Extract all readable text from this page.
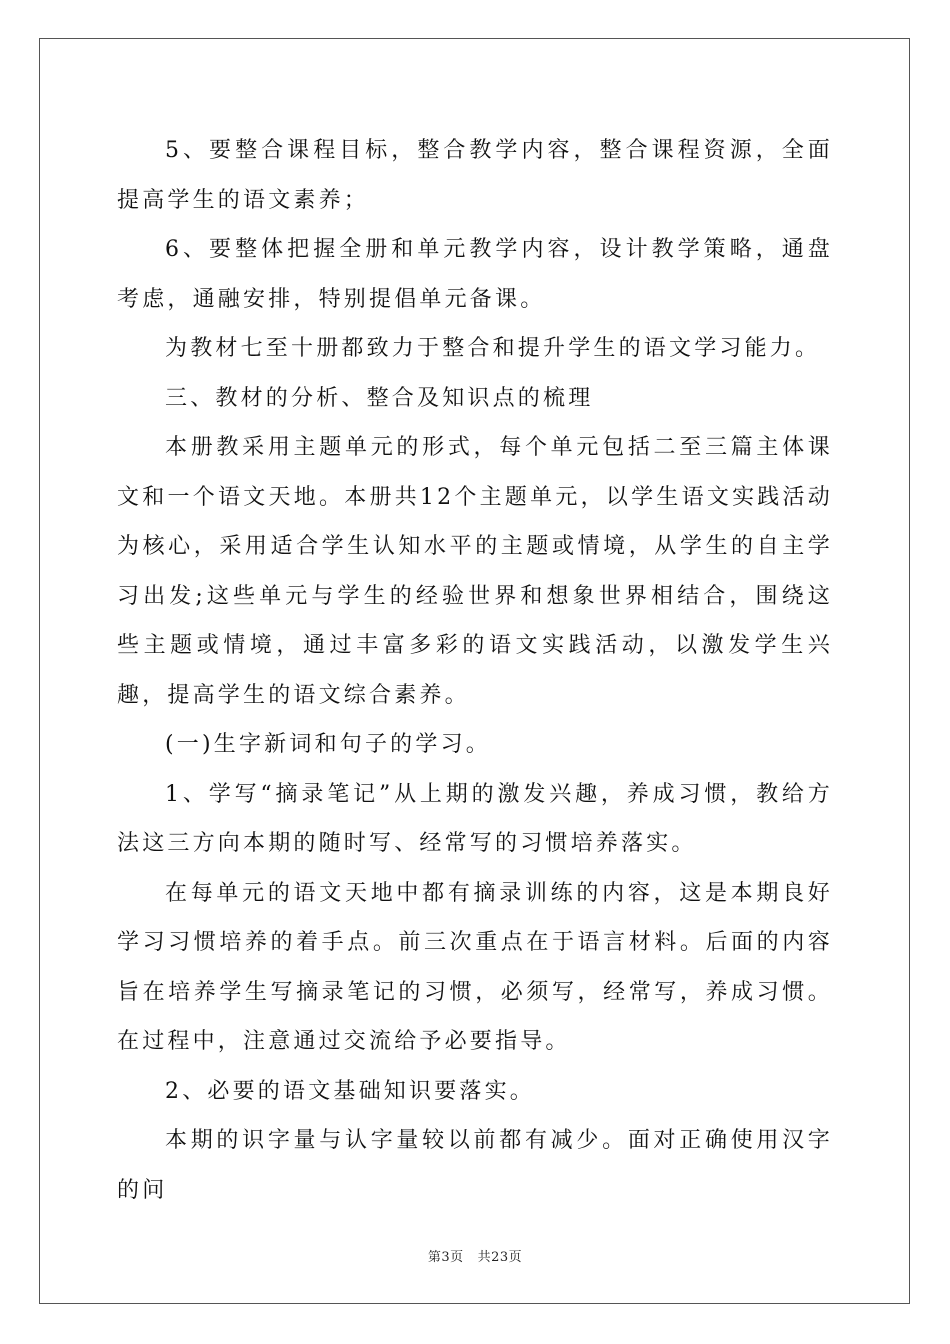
5、要整合课程目标，整合教学内容，整合课程资源，全面提高学生的语文素养；

6、要整体把握全册和单元教学内容，设计教学策略，通盘考虑，通融安排，特别提倡单元备课。

为教材七至十册都致力于整合和提升学生的语文学习能力。

三、教材的分析、整合及知识点的梳理

本册教采用主题单元的形式，每个单元包括二至三篇主体课文和一个语文天地。本册共12个主题单元，以学生语文实践活动为核心，采用适合学生认知水平的主题或情境，从学生的自主学习出发;这些单元与学生的经验世界和想象世界相结合，围绕这些主题或情境，通过丰富多彩的语文实践活动，以激发学生兴趣，提高学生的语文综合素养。

(一)生字新词和句子的学习。

1、学写“摘录笔记”从上期的激发兴趣，养成习惯，教给方法这三方向本期的随时写、经常写的习惯培养落实。

在每单元的语文天地中都有摘录训练的内容，这是本期良好学习习惯培养的着手点。前三次重点在于语言材料。后面的内容旨在培养学生写摘录笔记的习惯，必须写，经常写，养成习惯。在过程中，注意通过交流给予必要指导。

2、必要的语文基础知识要落实。

本期的识字量与认字量较以前都有减少。面对正确使用汉字的问

第3页 共23页
